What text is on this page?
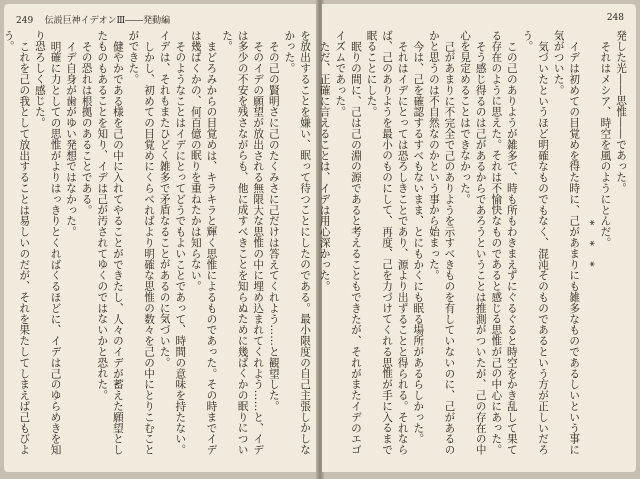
249 伝説巨神イデオンⅢ――発動編

を放出することを嫌い、眠って待つことにしたのである。最小限度の自己主張しかしなかった。

その己の賢明さに己のたくみさに己だけは答えてくれよう……と観望した。

そのイデの願望が放出される無限大な思惟の中に埋め込まれてくれよう……と、イデは多少の不安を残さながらも、他に成すべきことを知らぬために幾ばくかの眠りについた。

まどろみからの目覚めは、キラキラと輝く思惟によるものであった。その時までイデは幾ばくかの、何百億の眠りを重ねたかは知らない。

そのようなことはイデにとってどうでもよいことであって、時間の意味を持たない。イデは、それもまたひどく雑多で矛盾なることがあるのに気づいた。

しかし、初めての目覚めにくらべればより明確な思惟の数々を己の中にとりこむことができた。

健やかである様を己の中に入れてやることができたし、人々のイデが蓄えた願望としたものもあることを知り、イデは己が汚されてゆくのではないかと恐れた。

その恐れは根拠のあることである。

イデ自身が歯がゆい発想ではなかった。

明確に力としての思惟がよりはっきりとくればくるほどに、イデは己のゆらめきを知り恐ろしく感じた。

これを己の我として放出することは易しいのだが、それを果たしてしまえば己もびよう。

248

発した光――思惟――であった。

それはメシア、時空を風のようにとんだ。

* * *

イデは初めての目覚めを得た時に、己があまりにも雑多なものであるしいという事に気がついた。

気づいたというほど明確なものでもなく、混沌そのものであるという方が正しいだろう。

この己のありようが雑多で、時も所もわきまえずにぐるぐると時空をかき乱して果てる存在のように思えた。それは不愉快なものであると感じる思惟が己の中心にあった。

そう感じ得るのは己があるからであろうということは推測がついたが、己の存在の中心を見定めることはできなかった。

己があまりに不完全で己のありようを示すべきものを有していないのに、己があるのかと思うのは不自然なのかという事から始まった。

今は、己を確認するすべもないまま、とにもかくにも眠る場所があるらしかった。

それはイデにとっては恐ろしきことであり、源より出ずることと得られる。それならば、己のありようを最小のものにして、再度、己を力づけてくれる思惟が手に入るまで眠ることにした。

眠りの間に、己は己の淵の源であると考えることもできたが、それがまたイデのエゴイズムであった。

ただ、正確に言えることは、イデは用心深かった。
